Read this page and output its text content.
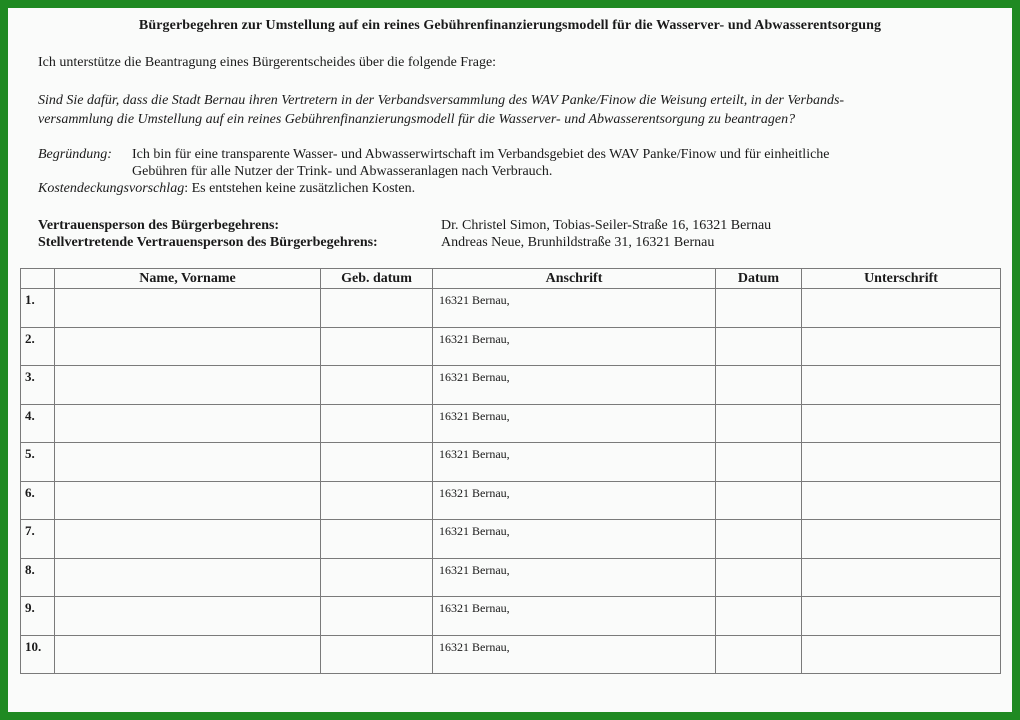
Bürgerbegehren zur Umstellung auf ein reines Gebührenfinanzierungsmodell für die Wasserver- und Abwasserentsorgung
Ich unterstütze die Beantragung eines Bürgerentscheides über die folgende Frage:
Sind Sie dafür, dass die Stadt Bernau ihren Vertretern in der Verbandsversammlung des WAV Panke/Finow die Weisung erteilt, in der Verbands-
versammlung die Umstellung auf ein reines Gebührenfinanzierungsmodell für die Wasserver- und Abwasserentsorgung zu beantragen?
Begründung: Ich bin für eine transparente Wasser- und Abwasserwirtschaft im Verbandsgebiet des WAV Panke/Finow und für einheitliche
Gebühren für alle Nutzer der Trink- und Abwasseranlagen nach Verbrauch.
Kostendeckungsvorschlag: Es entstehen keine zusätzlichen Kosten.
Vertrauensperson des Bürgerbegehrens:	Dr. Christel Simon, Tobias-Seiler-Straße 16, 16321 Bernau
Stellvertretende Vertrauensperson des Bürgerbegehrens:	Andreas Neue, Brunhildstraße 31, 16321 Bernau
	Name, Vorname	Geb. datum	Anschrift	Datum	Unterschrift
1.			16321 Bernau,		
2.			16321 Bernau,		
3.			16321 Bernau,		
4.			16321 Bernau,		
5.			16321 Bernau,		
6.			16321 Bernau,		
7.			16321 Bernau,		
8.			16321 Bernau,		
9.			16321 Bernau,		
10.			16321 Bernau,		
